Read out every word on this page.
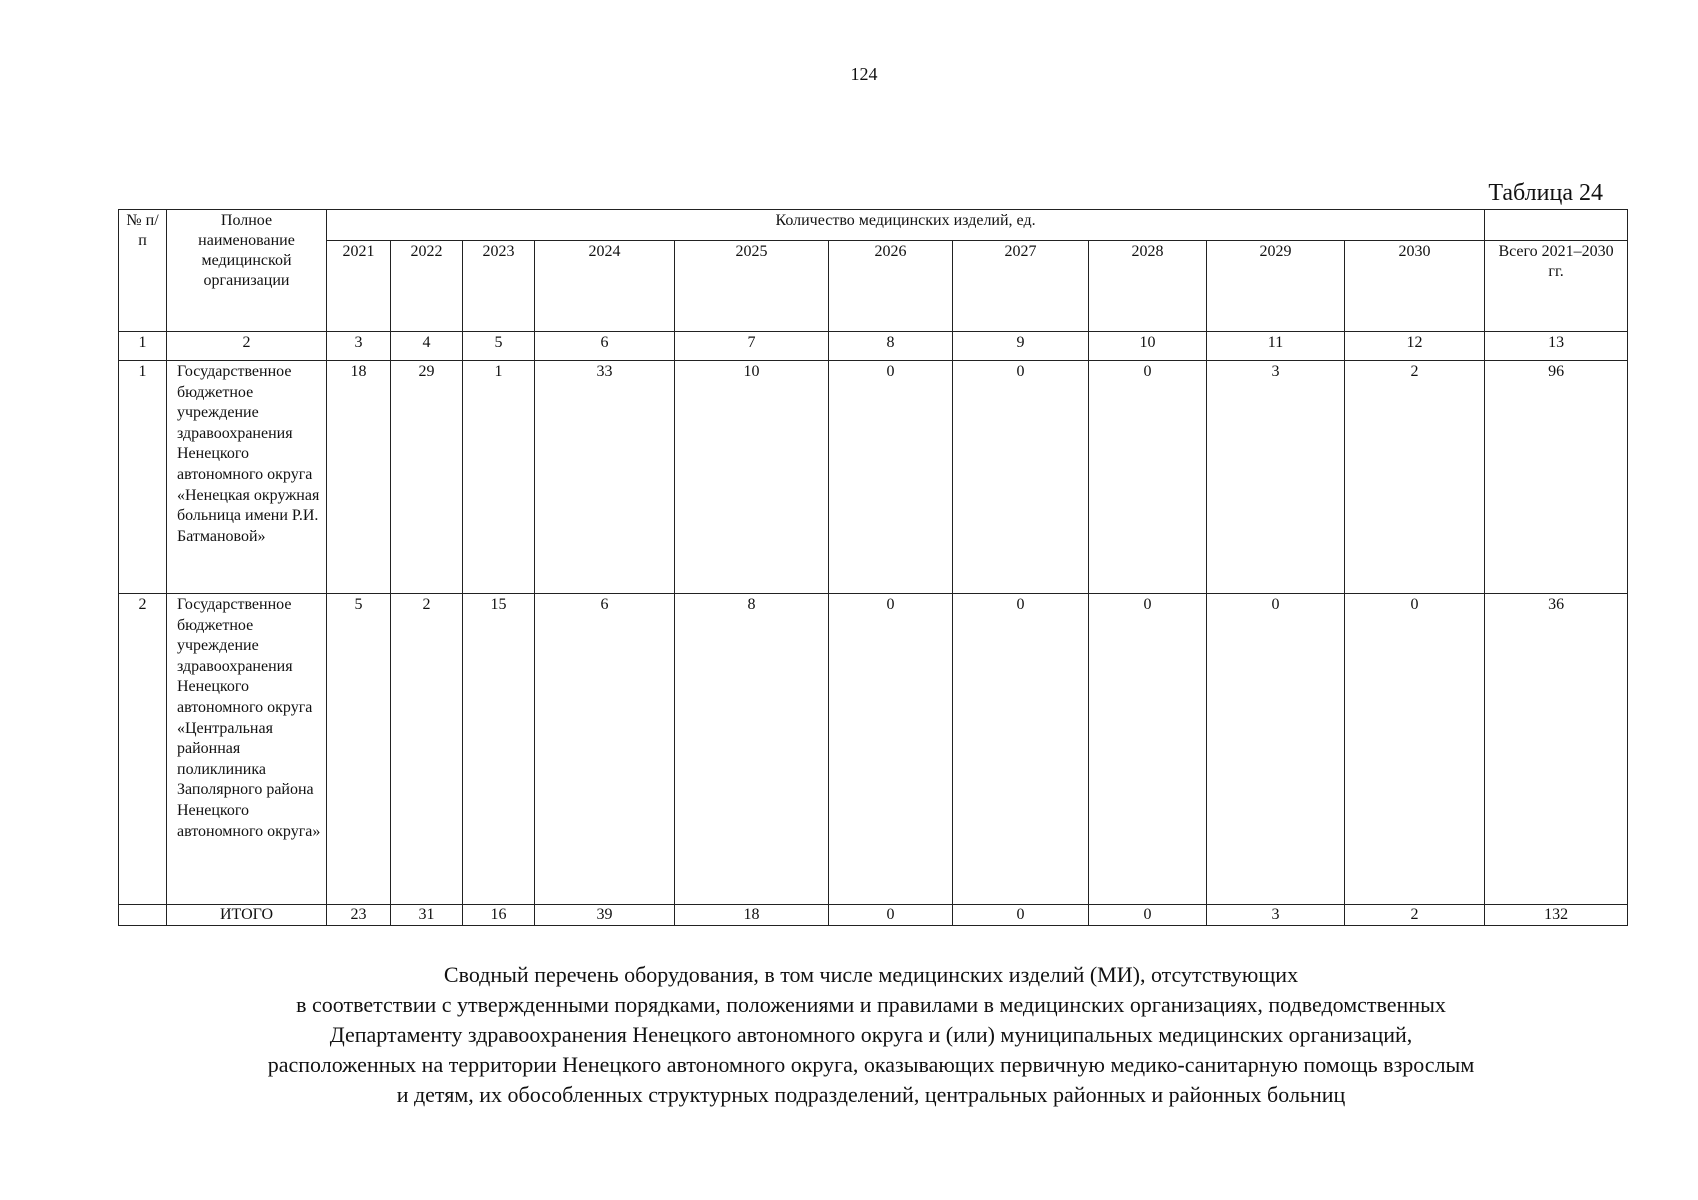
124
Таблица 24
№ п/п	Полное наименование медицинской организации	Количество медицинских изделий, ед.										
		2021	2022	2023	2024	2025	2026	2027	2028	2029	2030	Всего 2021–2030 гг.
1	2	3	4	5	6	7	8	9	10	11	12	13
1	Государственное бюджетное учреждение здравоохранения Ненецкого автономного округа «Ненецкая окружная больница имени Р.И. Батмановой»	18	29	1	33	10	0	0	0	3	2	96
2	Государственное бюджетное учреждение здравоохранения Ненецкого автономного округа «Центральная районная поликлиника Заполярного района Ненецкого автономного округа»	5	2	15	6	8	0	0	0	0	0	36
	ИТОГО	23	31	16	39	18	0	0	0	3	2	132
Сводный перечень оборудования, в том числе медицинских изделий (МИ), отсутствующих
в соответствии с утвержденными порядками, положениями и правилами в медицинских организациях, подведомственных
Департаменту здравоохранения Ненецкого автономного округа и (или) муниципальных медицинских организаций,
расположенных на территории Ненецкого автономного округа, оказывающих первичную медико-санитарную помощь взрослым
и детям, их обособленных структурных подразделений, центральных районных и районных больниц
